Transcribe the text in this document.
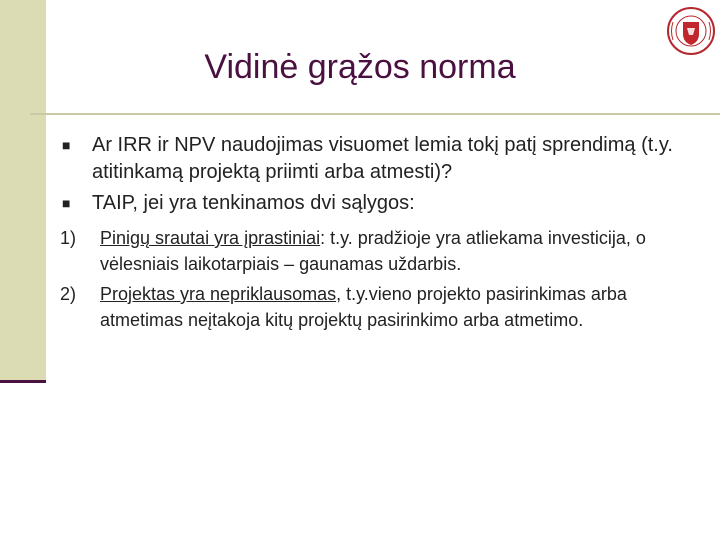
Vidinė grąžos norma

■ Ar IRR ir NPV naudojimas visuomet lemia tokį patį sprendimą (t.y. atitinkamą projektą priimti arba atmesti)?

■ TAIP, jei yra tenkinamos dvi sąlygos:

1) Pinigų srautai yra įprastiniai: t.y. pradžioje yra atliekama investicija, o vėlesniais laikotarpiais – gaunamas uždarbis.

2) Projektas yra nepriklausomas, t.y.vieno projekto pasirinkimas arba atmetimas neįtakoja kitų projektų pasirinkimo arba atmetimo.
